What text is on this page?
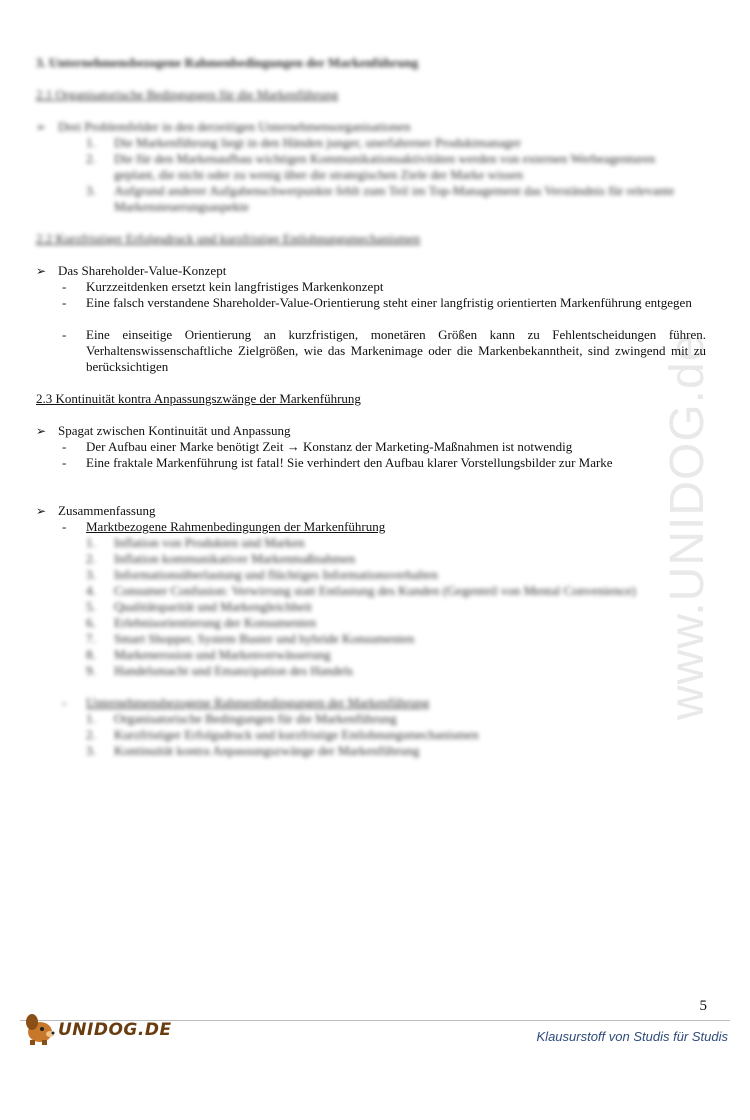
www.UNIDOG.de
3. Unternehmensbezogene Rahmenbedingungen der Markenführung
2.1 Organisatorische Bedingungen für die Markenführung
➢ Drei Problemfelder in den derzeitigen Unternehmensorganisationen
1. Die Markenführung liegt in den Händen junger, unerfahrener Produktmanager
2. Die für den Markenaufbau wichtigen Kommunikationsaktivitäten werden von externen Werbeagenturen
geplant, die nicht oder zu wenig über die strategischen Ziele der Marke wissen
3. Aufgrund anderer Aufgabenschwerpunkte fehlt zum Teil im Top-Management das Verständnis für relevante
Markensteuerungsaspekte
2.2 Kurzfristiger Erfolgsdruck und kurzfristige Entlohnungsmechanismen
➢ Das Shareholder-Value-Konzept
- Kurzzeitdenken ersetzt kein langfristiges Markenkonzept
- Eine falsch verstandene Shareholder-Value-Orientierung steht einer langfristig orientierten Markenführung entgegen
- Eine einseitige Orientierung an kurzfristigen, monetären Größen kann zu Fehlentscheidungen führen. Verhaltenswissenschaftliche Zielgrößen, wie das Markenimage oder die Markenbekanntheit, sind zwingend mit zu berücksichtigen
2.3 Kontinuität kontra Anpassungszwänge der Markenführung
➢ Spagat zwischen Kontinuität und Anpassung
- Der Aufbau einer Marke benötigt Zeit → Konstanz der Marketing-Maßnahmen ist notwendig
- Eine fraktale Markenführung ist fatal! Sie verhindert den Aufbau klarer Vorstellungsbilder zur Marke
➢ Zusammenfassung
- Marktbezogene Rahmenbedingungen der Markenführung
1. Inflation von Produkten und Marken
2. Inflation kommunikativer Markenmaßnahmen
3. Informationsüberlastung und flüchtiges Informationsverhalten
4. Consumer Confusion: Verwirrung statt Entlastung des Kunden (Gegenteil von Mental Convenience)
5. Qualitätsparität und Markengleichheit
6. Erlebnisorientierung der Konsumenten
7. Smart Shopper, System Buster und hybride Konsumenten
8. Markenerosion und Markenverwässerung
9. Handelsmacht und Emanzipation des Handels
- Unternehmensbezogene Rahmenbedingungen der Markenführung
1. Organisatorische Bedingungen für die Markenführung
2. Kurzfristiger Erfolgsdruck und kurzfristige Entlohnungsmechanismen
3. Kontinuität kontra Anpassungszwänge der Markenführung
5
UNIDOG.DE	Klausurstoff von Studis für Studis
